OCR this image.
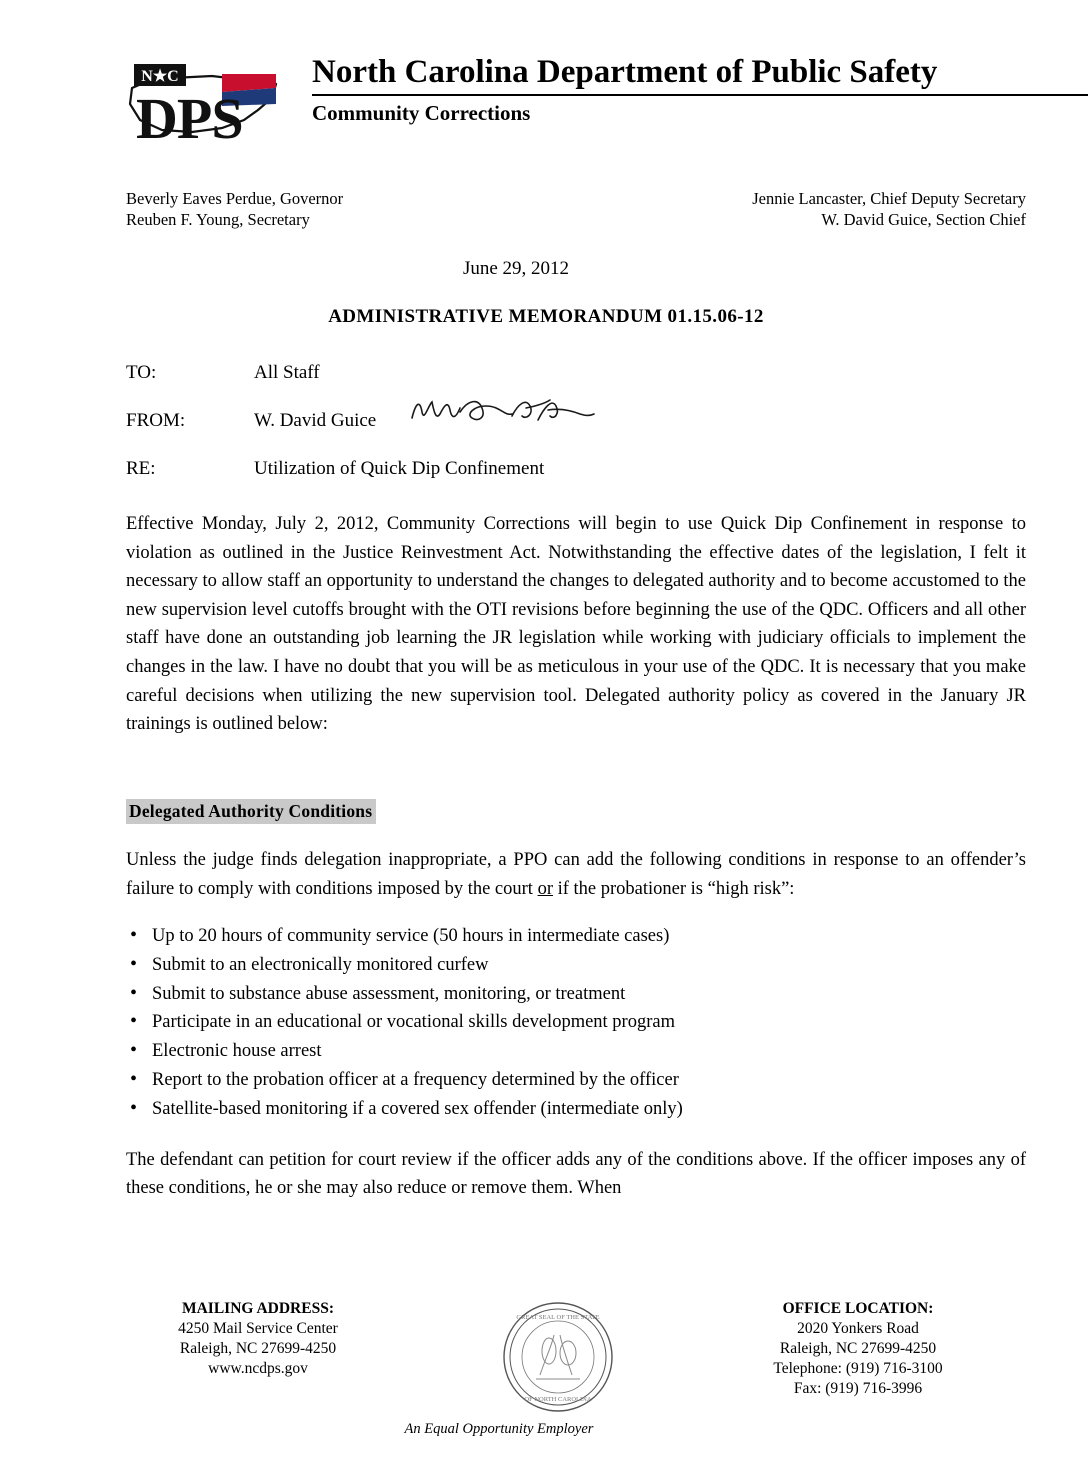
N★C
DPS
North Carolina Department of Public Safety
Community Corrections
Beverly Eaves Perdue, Governor
Reuben F. Young, Secretary
Jennie Lancaster, Chief Deputy Secretary
W. David Guice, Section Chief
June 29, 2012
ADMINISTRATIVE MEMORANDUM 01.15.06-12
TO:	All Staff
FROM:	W. David Guice
RE:	Utilization of Quick Dip Confinement

Effective Monday, July 2, 2012, Community Corrections will begin to use Quick Dip Confinement in response to violation as outlined in the Justice Reinvestment Act. Notwithstanding the effective dates of the legislation, I felt it necessary to allow staff an opportunity to understand the changes to delegated authority and to become accustomed to the new supervision level cutoffs brought with the OTI revisions before beginning the use of the QDC. Officers and all other staff have done an outstanding job learning the JR legislation while working with judiciary officials to implement the changes in the law. I have no doubt that you will be as meticulous in your use of the QDC. It is necessary that you make careful decisions when utilizing the new supervision tool. Delegated authority policy as covered in the January JR trainings is outlined below:

Delegated Authority Conditions

Unless the judge finds delegation inappropriate, a PPO can add the following conditions in response to an offender’s failure to comply with conditions imposed by the court or if the probationer is “high risk”:

• Up to 20 hours of community service (50 hours in intermediate cases)
• Submit to an electronically monitored curfew
• Submit to substance abuse assessment, monitoring, or treatment
• Participate in an educational or vocational skills development program
• Electronic house arrest
• Report to the probation officer at a frequency determined by the officer
• Satellite-based monitoring if a covered sex offender (intermediate only)

The defendant can petition for court review if the officer adds any of the conditions above. If the officer imposes any of these conditions, he or she may also reduce or remove them. When

MAILING ADDRESS:
4250 Mail Service Center
Raleigh, NC 27699-4250
www.ncdps.gov
GREAT SEAL OF THE STATE
OF NORTH CAROLINA
OFFICE LOCATION:
2020 Yonkers Road
Raleigh, NC 27699-4250
Telephone: (919) 716-3100
Fax: (919) 716-3996
An Equal Opportunity Employer
